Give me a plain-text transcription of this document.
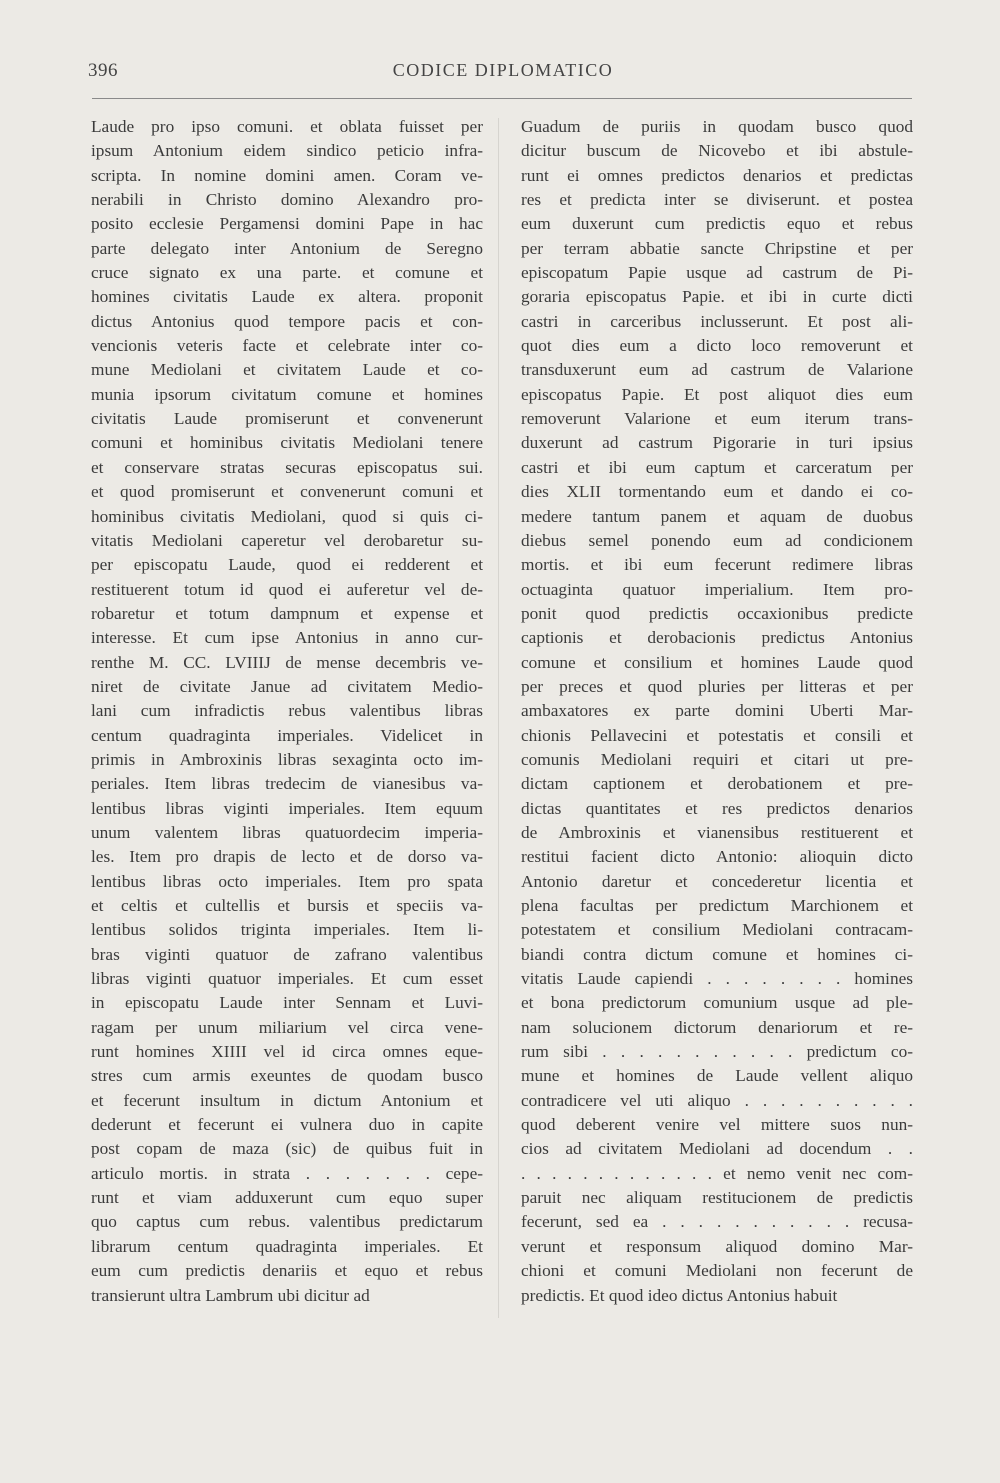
396	CODICE DIPLOMATICO
Laude pro ipso comuni. et oblata fuisset per
ipsum Antonium eidem sindico peticio infra-
scripta. In nomine domini amen. Coram ve-
nerabili in Christo domino Alexandro pro-
posito ecclesie Pergamensi domini Pape in hac
parte delegato inter Antonium de Seregno
cruce signato ex una parte. et comune et
homines civitatis Laude ex altera. proponit
dictus Antonius quod tempore pacis et con-
vencionis veteris facte et celebrate inter co-
mune Mediolani et civitatem Laude et co-
munia ipsorum civitatum comune et homines
civitatis Laude promiserunt et convenerunt
comuni et hominibus civitatis Mediolani tenere
et conservare stratas securas episcopatus sui.
et quod promiserunt et convenerunt comuni et
hominibus civitatis Mediolani, quod si quis ci-
vitatis Mediolani caperetur vel derobaretur su-
per episcopatu Laude, quod ei redderent et
restituerent totum id quod ei auferetur vel de-
robaretur et totum dampnum et expense et
interesse. Et cum ipse Antonius in anno cur-
renthe M. CC. LVIIIJ de mense decembris ve-
niret de civitate Janue ad civitatem Medio-
lani cum infradictis rebus valentibus libras
centum quadraginta imperiales. Videlicet in
primis in Ambroxinis libras sexaginta octo im-
periales. Item libras tredecim de vianesibus va-
lentibus libras viginti imperiales. Item equum
unum valentem libras quatuordecim imperia-
les. Item pro drapis de lecto et de dorso va-
lentibus libras octo imperiales. Item pro spata
et celtis et cultellis et bursis et speciis va-
lentibus solidos triginta imperiales. Item li-
bras viginti quatuor de zafrano valentibus
libras viginti quatuor imperiales. Et cum esset
in episcopatu Laude inter Sennam et Luvi-
ragam per unum miliarium vel circa vene-
runt homines XIIII vel id circa omnes eque-
stres cum armis exeuntes de quodam busco
et fecerunt insultum in dictum Antonium et
dederunt et fecerunt ei vulnera duo in capite
post copam de maza (sic) de quibus fuit in
articulo mortis. in strata . . . . . . . cepe-
runt et viam adduxerunt cum equo super
quo captus cum rebus. valentibus predictarum
librarum centum quadraginta imperiales. Et
eum cum predictis denariis et equo et rebus
transierunt ultra Lambrum ubi dicitur ad
Guadum de puriis in quodam busco quod
dicitur buscum de Nicovebo et ibi abstule-
runt ei omnes predictos denarios et predictas
res et predicta inter se diviserunt. et postea
eum duxerunt cum predictis equo et rebus
per terram abbatie sancte Chripstine et per
episcopatum Papie usque ad castrum de Pi-
goraria episcopatus Papie. et ibi in curte dicti
castri in carceribus inclusserunt. Et post ali-
quot dies eum a dicto loco removerunt et
transduxerunt eum ad castrum de Valarione
episcopatus Papie. Et post aliquot dies eum
removerunt Valarione et eum iterum trans-
duxerunt ad castrum Pigorarie in turi ipsius
castri et ibi eum captum et carceratum per
dies XLII tormentando eum et dando ei co-
medere tantum panem et aquam de duobus
diebus semel ponendo eum ad condicionem
mortis. et ibi eum fecerunt redimere libras
octuaginta quatuor imperialium. Item pro-
ponit quod predictis occaxionibus predicte
captionis et derobacionis predictus Antonius
comune et consilium et homines Laude quod
per preces et quod pluries per litteras et per
ambaxatores ex parte domini Uberti Mar-
chionis Pellavecini et potestatis et consili et
comunis Mediolani requiri et citari ut pre-
dictam captionem et derobationem et pre-
dictas quantitates et res predictos denarios
de Ambroxinis et vianensibus restituerent et
restitui facient dicto Antonio: alioquin dicto
Antonio daretur et concederetur licentia et
plena facultas per predictum Marchionem et
potestatem et consilium Mediolani contracam-
biandi contra dictum comune et homines ci-
vitatis Laude capiendi . . . . . . . . homines
et bona predictorum comunium usque ad ple-
nam solucionem dictorum denariorum et re-
rum sibi . . . . . . . . . . . predictum co-
mune et homines de Laude vellent aliquo
contradicere vel uti aliquo . . . . . . . . . .
quod deberent venire vel mittere suos nun-
cios ad civitatem Mediolani ad docendum . .
. . . . . . . . . . . . . et nemo venit nec com-
paruit nec aliquam restitucionem de predictis
fecerunt, sed ea . . . . . . . . . . . recusa-
verunt et responsum aliquod domino Mar-
chioni et comuni Mediolani non fecerunt de
predictis. Et quod ideo dictus Antonius habuit
